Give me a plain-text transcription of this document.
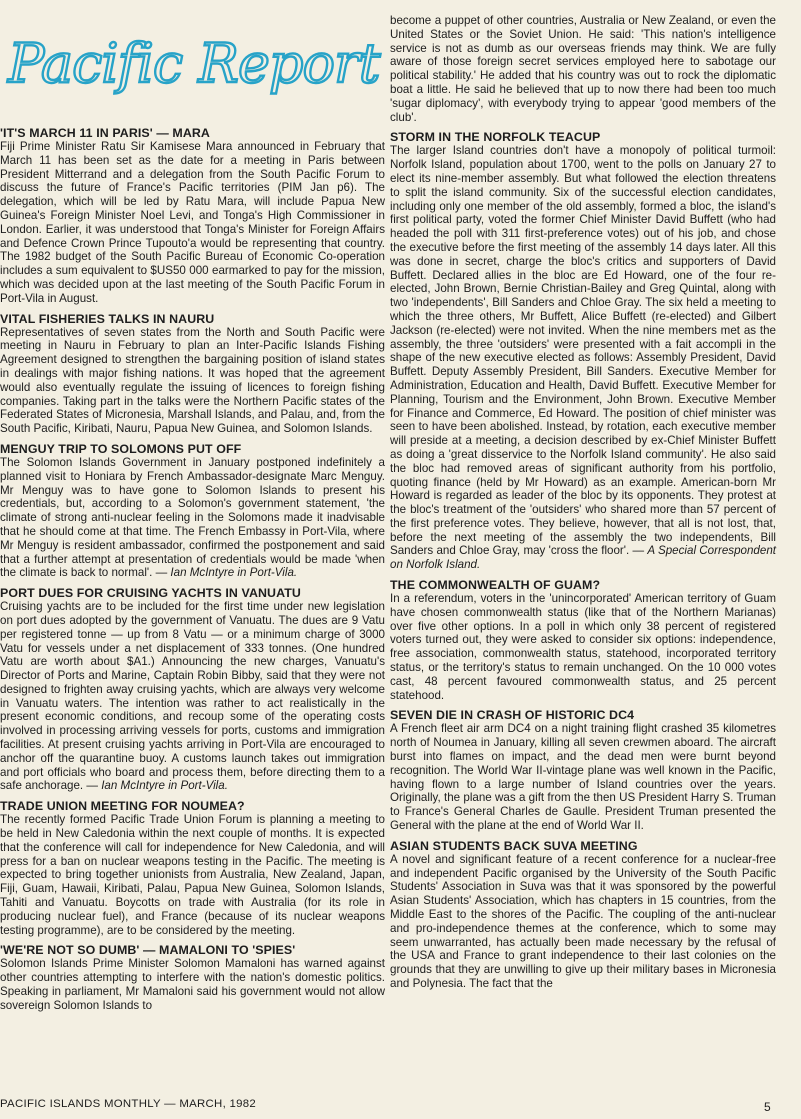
Pacific Report
'IT'S MARCH 11 IN PARIS' — MARA

Fiji Prime Minister Ratu Sir Kamisese Mara announced in February that March 11 has been set as the date for a meeting in Paris between President Mitterrand and a delegation from the South Pacific Forum to discuss the future of France's Pacific territories (PIM Jan p6). The delegation, which will be led by Ratu Mara, will include Papua New Guinea's Foreign Minister Noel Levi, and Tonga's High Commissioner in London. Earlier, it was understood that Tonga's Minister for Foreign Affairs and Defence Crown Prince Tupouto'a would be representing that country. The 1982 budget of the South Pacific Bureau of Economic Co-operation includes a sum equivalent to $US50 000 earmarked to pay for the mission, which was decided upon at the last meeting of the South Pacific Forum in Port-Vila in August.

VITAL FISHERIES TALKS IN NAURU

Representatives of seven states from the North and South Pacific were meeting in Nauru in February to plan an Inter-Pacific Islands Fishing Agreement designed to strengthen the bargaining position of island states in dealings with major fishing nations. It was hoped that the agreement would also eventually regulate the issuing of licences to foreign fishing companies. Taking part in the talks were the Northern Pacific states of the Federated States of Micronesia, Marshall Islands, and Palau, and, from the South Pacific, Kiribati, Nauru, Papua New Guinea, and Solomon Islands.

MENGUY TRIP TO SOLOMONS PUT OFF

The Solomon Islands Government in January postponed indefinitely a planned visit to Honiara by French Ambassador-designate Marc Menguy. Mr Menguy was to have gone to Solomon Islands to present his credentials, but, according to a Solomon's government statement, 'the climate of strong anti-nuclear feeling in the Solomons made it inadvisable that he should come at that time. The French Embassy in Port-Vila, where Mr Menguy is resident ambassador, confirmed the postponement and said that a further attempt at presentation of credentials would be made 'when the climate is back to normal'. — Ian McIntyre in Port-Vila.

PORT DUES FOR CRUISING YACHTS IN VANUATU

Cruising yachts are to be included for the first time under new legislation on port dues adopted by the government of Vanuatu. The dues are 9 Vatu per registered tonne — up from 8 Vatu — or a minimum charge of 3000 Vatu for vessels under a net displacement of 333 tonnes. (One hundred Vatu are worth about $A1.) Announcing the new charges, Vanuatu's Director of Ports and Marine, Captain Robin Bibby, said that they were not designed to frighten away cruising yachts, which are always very welcome in Vanuatu waters. The intention was rather to act realistically in the present economic conditions, and recoup some of the operating costs involved in processing arriving vessels for ports, customs and immigration facilities. At present cruising yachts arriving in Port-Vila are encouraged to anchor off the quarantine buoy. A customs launch takes out immigration and port officials who board and process them, before directing them to a safe anchorage. — Ian McIntyre in Port-Vila.

TRADE UNION MEETING FOR NOUMEA?

The recently formed Pacific Trade Union Forum is planning a meeting to be held in New Caledonia within the next couple of months. It is expected that the conference will call for independence for New Caledonia, and will press for a ban on nuclear weapons testing in the Pacific. The meeting is expected to bring together unionists from Australia, New Zealand, Japan, Fiji, Guam, Hawaii, Kiribati, Palau, Papua New Guinea, Solomon Islands, Tahiti and Vanuatu. Boycotts on trade with Australia (for its role in producing nuclear fuel), and France (because of its nuclear weapons testing programme), are to be considered by the meeting.

'WE'RE NOT SO DUMB' — MAMALONI TO 'SPIES'

Solomon Islands Prime Minister Solomon Mamaloni has warned against other countries attempting to interfere with the nation's domestic politics. Speaking in parliament, Mr Mamaloni said his government would not allow sovereign Solomon Islands to

become a puppet of other countries, Australia or New Zealand, or even the United States or the Soviet Union. He said: 'This nation's intelligence service is not as dumb as our overseas friends may think. We are fully aware of those foreign secret services employed here to sabotage our political stability.' He added that his country was out to rock the diplomatic boat a little. He said he believed that up to now there had been too much 'sugar diplomacy', with everybody trying to appear 'good members of the club'.

STORM IN THE NORFOLK TEACUP

The larger Island countries don't have a monopoly of political turmoil: Norfolk Island, population about 1700, went to the polls on January 27 to elect its nine-member assembly. But what followed the election threatens to split the island community. Six of the successful election candidates, including only one member of the old assembly, formed a bloc, the island's first political party, voted the former Chief Minister David Buffett (who had headed the poll with 311 first-preference votes) out of his job, and chose the executive before the first meeting of the assembly 14 days later. All this was done in secret, charge the bloc's critics and supporters of David Buffett. Declared allies in the bloc are Ed Howard, one of the four re-elected, John Brown, Bernie Christian-Bailey and Greg Quintal, along with two 'independents', Bill Sanders and Chloe Gray. The six held a meeting to which the three others, Mr Buffett, Alice Buffett (re-elected) and Gilbert Jackson (re-elected) were not invited. When the nine members met as the assembly, the three 'outsiders' were presented with a fait accompli in the shape of the new executive elected as follows: Assembly President, David Buffett. Deputy Assembly President, Bill Sanders. Executive Member for Administration, Education and Health, David Buffett. Executive Member for Planning, Tourism and the Environment, John Brown. Executive Member for Finance and Commerce, Ed Howard. The position of chief minister was seen to have been abolished. Instead, by rotation, each executive member will preside at a meeting, a decision described by ex-Chief Minister Buffett as doing a 'great disservice to the Norfolk Island community'. He also said the bloc had removed areas of significant authority from his portfolio, quoting finance (held by Mr Howard) as an example. American-born Mr Howard is regarded as leader of the bloc by its opponents. They protest at the bloc's treatment of the 'outsiders' who shared more than 57 percent of the first preference votes. They believe, however, that all is not lost, that, before the next meeting of the assembly the two independents, Bill Sanders and Chloe Gray, may 'cross the floor'. — A Special Correspondent on Norfolk Island.

THE COMMONWEALTH OF GUAM?

In a referendum, voters in the 'unincorporated' American territory of Guam have chosen commonwealth status (like that of the Northern Marianas) over five other options. In a poll in which only 38 percent of registered voters turned out, they were asked to consider six options: independence, free association, commonwealth status, statehood, incorporated territory status, or the territory's status to remain unchanged. On the 10 000 votes cast, 48 percent favoured commonwealth status, and 25 percent statehood.

SEVEN DIE IN CRASH OF HISTORIC DC4

A French fleet air arm DC4 on a night training flight crashed 35 kilometres north of Noumea in January, killing all seven crewmen aboard. The aircraft burst into flames on impact, and the dead men were burnt beyond recognition. The World War II-vintage plane was well known in the Pacific, having flown to a large number of Island countries over the years. Originally, the plane was a gift from the then US President Harry S. Truman to France's General Charles de Gaulle. President Truman presented the General with the plane at the end of World War II.

ASIAN STUDENTS BACK SUVA MEETING

A novel and significant feature of a recent conference for a nuclear-free and independent Pacific organised by the University of the South Pacific Students' Association in Suva was that it was sponsored by the powerful Asian Students' Association, which has chapters in 15 countries, from the Middle East to the shores of the Pacific. The coupling of the anti-nuclear and pro-independence themes at the conference, which to some may seem unwarranted, has actually been made necessary by the refusal of the USA and France to grant independence to their last colonies on the grounds that they are unwilling to give up their military bases in Micronesia and Polynesia. The fact that the

PACIFIC ISLANDS MONTHLY — MARCH, 1982	5
